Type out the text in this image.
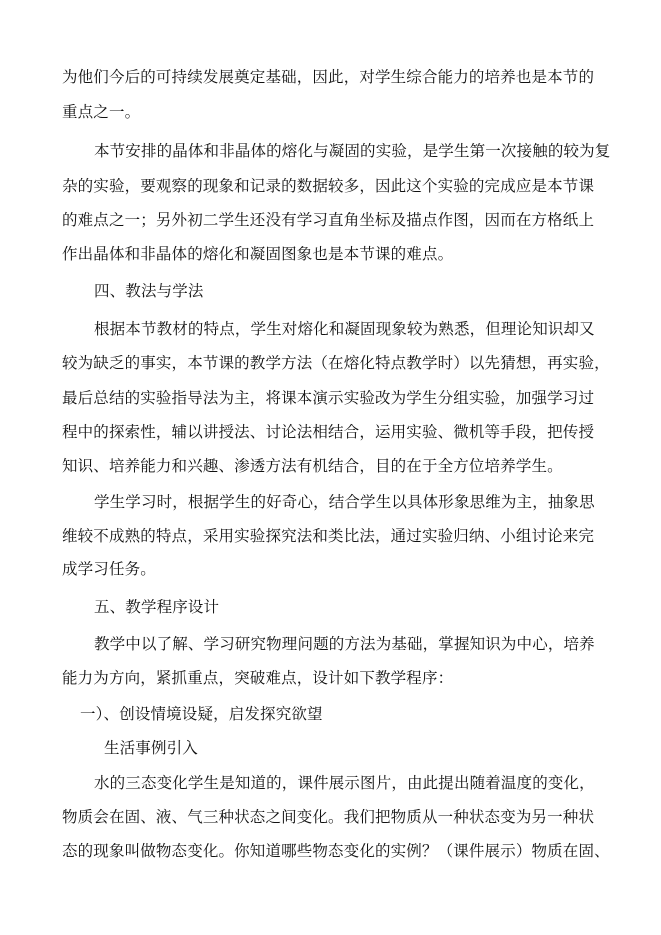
为他们今后的可持续发展奠定基础，因此，对学生综合能力的培养也是本节的
重点之一。
本节安排的晶体和非晶体的熔化与凝固的实验，是学生第一次接触的较为复
杂的实验，要观察的现象和记录的数据较多，因此这个实验的完成应是本节课
的难点之一；另外初二学生还没有学习直角坐标及描点作图，因而在方格纸上
作出晶体和非晶体的熔化和凝固图象也是本节课的难点。
四、教法与学法
根据本节教材的特点，学生对熔化和凝固现象较为熟悉，但理论知识却又
较为缺乏的事实，本节课的教学方法（在熔化特点教学时）以先猜想，再实验，
最后总结的实验指导法为主，将课本演示实验改为学生分组实验，加强学习过
程中的探索性，辅以讲授法、讨论法相结合，运用实验、微机等手段，把传授
知识、培养能力和兴趣、渗透方法有机结合，目的在于全方位培养学生。
学生学习时，根据学生的好奇心，结合学生以具体形象思维为主，抽象思
维较不成熟的特点，采用实验探究法和类比法，通过实验归纳、小组讨论来完
成学习任务。
五、教学程序设计
教学中以了解、学习研究物理问题的方法为基础，掌握知识为中心，培养
能力为方向，紧抓重点，突破难点，设计如下教学程序：
一）、创设情境设疑，启发探究欲望
生活事例引入
水的三态变化学生是知道的，课件展示图片，由此提出随着温度的变化，
物质会在固、液、气三种状态之间变化。我们把物质从一种状态变为另一种状
态的现象叫做物态变化。你知道哪些物态变化的实例？（课件展示）物质在固、
